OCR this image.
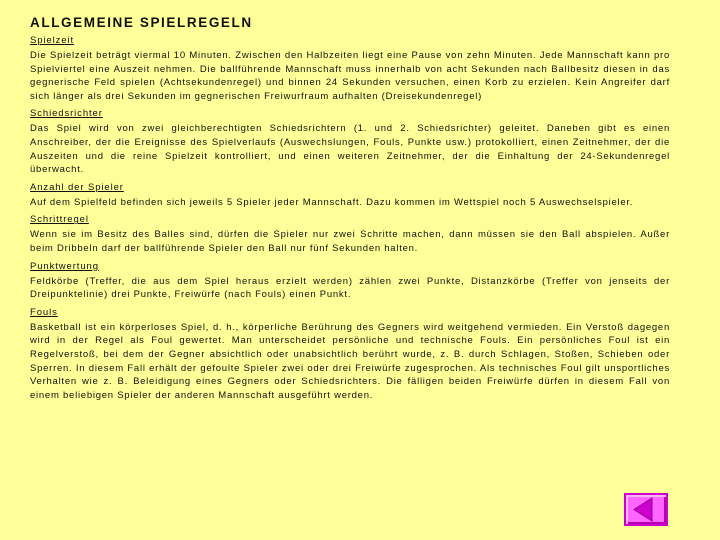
ALLGEMEINE SPIELREGELN
Spielzeit

Die Spielzeit beträgt viermal 10 Minuten. Zwischen den Halbzeiten liegt eine Pause von zehn Minuten. Jede Mannschaft kann pro Spielviertel eine Auszeit nehmen. Die ballführende Mannschaft muss innerhalb von acht Sekunden nach Ballbesitz diesen in das gegnerische Feld spielen (Achtsekundenregel) und binnen 24 Sekunden versuchen, einen Korb zu erzielen. Kein Angreifer darf sich länger als drei Sekunden im gegnerischen Freiwurfraum aufhalten (Dreisekundenregel)

Schiedsrichter

Das Spiel wird von zwei gleichberechtigten Schiedsrichtern (1. und 2. Schiedsrichter) geleitet. Daneben gibt es einen Anschreiber, der die Ereignisse des Spielverlaufs (Auswechslungen, Fouls, Punkte usw.) protokolliert, einen Zeitnehmer, der die Auszeiten und die reine Spielzeit kontrolliert, und einen weiteren Zeitnehmer, der die Einhaltung der 24-Sekundenregel überwacht.

Anzahl der Spieler

Auf dem Spielfeld befinden sich jeweils 5 Spieler jeder Mannschaft. Dazu kommen im Wettspiel noch 5 Auswechselspieler.

Schrittregel

Wenn sie im Besitz des Balles sind, dürfen die Spieler nur zwei Schritte machen, dann müssen sie den Ball abspielen. Außer beim Dribbeln darf der ballführende Spieler den Ball nur fünf Sekunden halten.

Punktwertung

Feldkörbe (Treffer, die aus dem Spiel heraus erzielt werden) zählen zwei Punkte, Distanzkörbe (Treffer von jenseits der Dreipunktelinie) drei Punkte, Freiwürfe (nach Fouls) einen Punkt.

Fouls

Basketball ist ein körperloses Spiel, d. h., körperliche Berührung des Gegners wird weitgehend vermieden. Ein Verstoß dagegen wird in der Regel als Foul gewertet. Man unterscheidet persönliche und technische Fouls. Ein persönliches Foul ist ein Regelverstoß, bei dem der Gegner absichtlich oder unabsichtlich berührt wurde, z. B. durch Schlagen, Stoßen, Schieben oder Sperren. In diesem Fall erhält der gefoulte Spieler zwei oder drei Freiwürfe zugesprochen. Als technisches Foul gilt unsportliches Verhalten wie z. B. Beleidigung eines Gegners oder Schiedsrichters. Die fälligen beiden Freiwürfe dürfen in diesem Fall von einem beliebigen Spieler der anderen Mannschaft ausgeführt werden.
